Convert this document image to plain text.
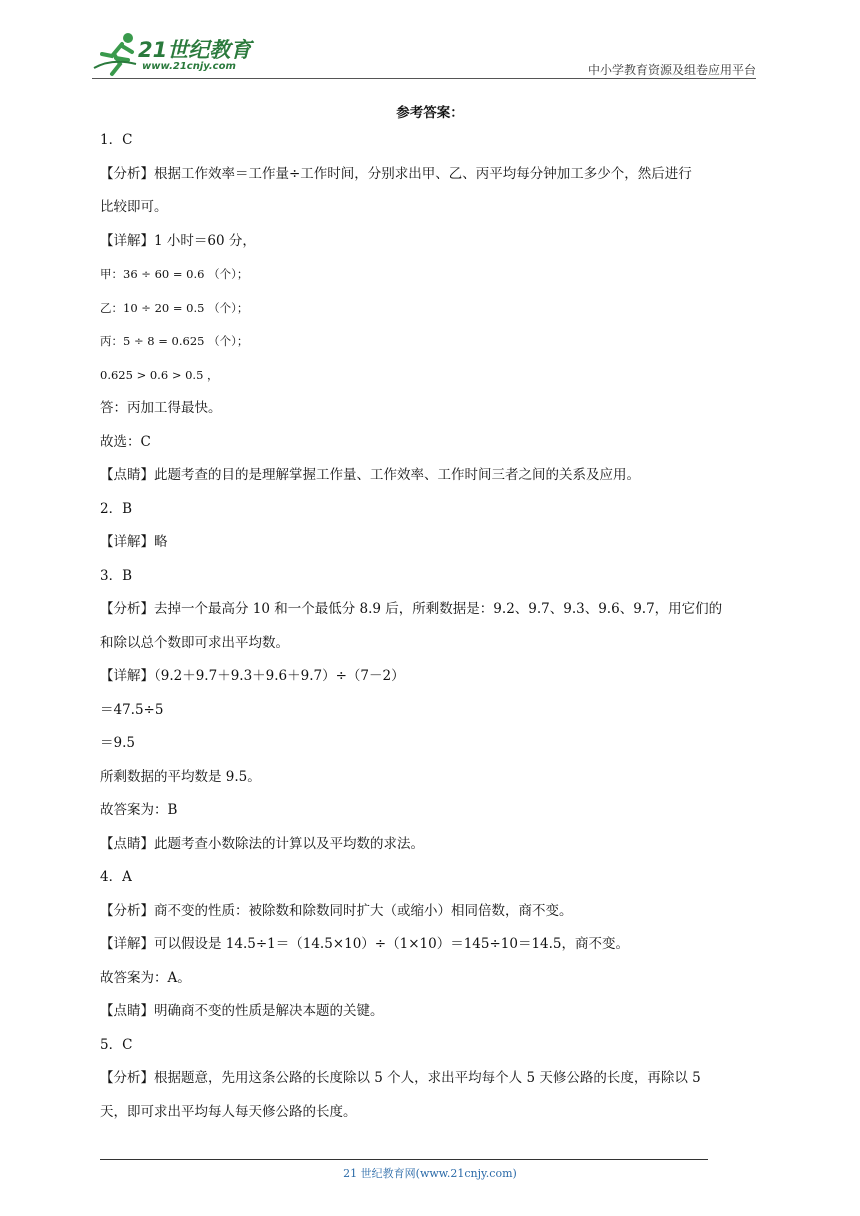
21世纪教育
www.21cnjy.com	中小学教育资源及组卷应用平台
参考答案：
1．C
【分析】根据工作效率＝工作量÷工作时间，分别求出甲、乙、丙平均每分钟加工多少个，然后进行
比较即可。
【详解】1 小时＝60 分，
甲：36 ÷ 60 = 0.6 （个）；
乙：10 ÷ 20 = 0.5 （个）；
丙：5 ÷ 8 = 0.625 （个）；
0.625 > 0.6 > 0.5 ，
答：丙加工得最快。
故选：C
【点睛】此题考查的目的是理解掌握工作量、工作效率、工作时间三者之间的关系及应用。
2．B
【详解】略
3．B
【分析】去掉一个最高分 10 和一个最低分 8.9 后，所剩数据是：9.2、9.7、9.3、9.6、9.7，用它们的
和除以总个数即可求出平均数。
【详解】（9.2＋9.7＋9.3＋9.6＋9.7）÷（7－2）
＝47.5÷5
＝9.5
所剩数据的平均数是 9.5。
故答案为：B
【点睛】此题考查小数除法的计算以及平均数的求法。
4．A
【分析】商不变的性质：被除数和除数同时扩大（或缩小）相同倍数，商不变。
【详解】可以假设是 14.5÷1＝（14.5×10）÷（1×10）＝145÷10＝14.5，商不变。
故答案为：A。
【点睛】明确商不变的性质是解决本题的关键。
5．C
【分析】根据题意，先用这条公路的长度除以 5 个人，求出平均每个人 5 天修公路的长度，再除以 5
天，即可求出平均每人每天修公路的长度。
21 世纪教育网(www.21cnjy.com)
